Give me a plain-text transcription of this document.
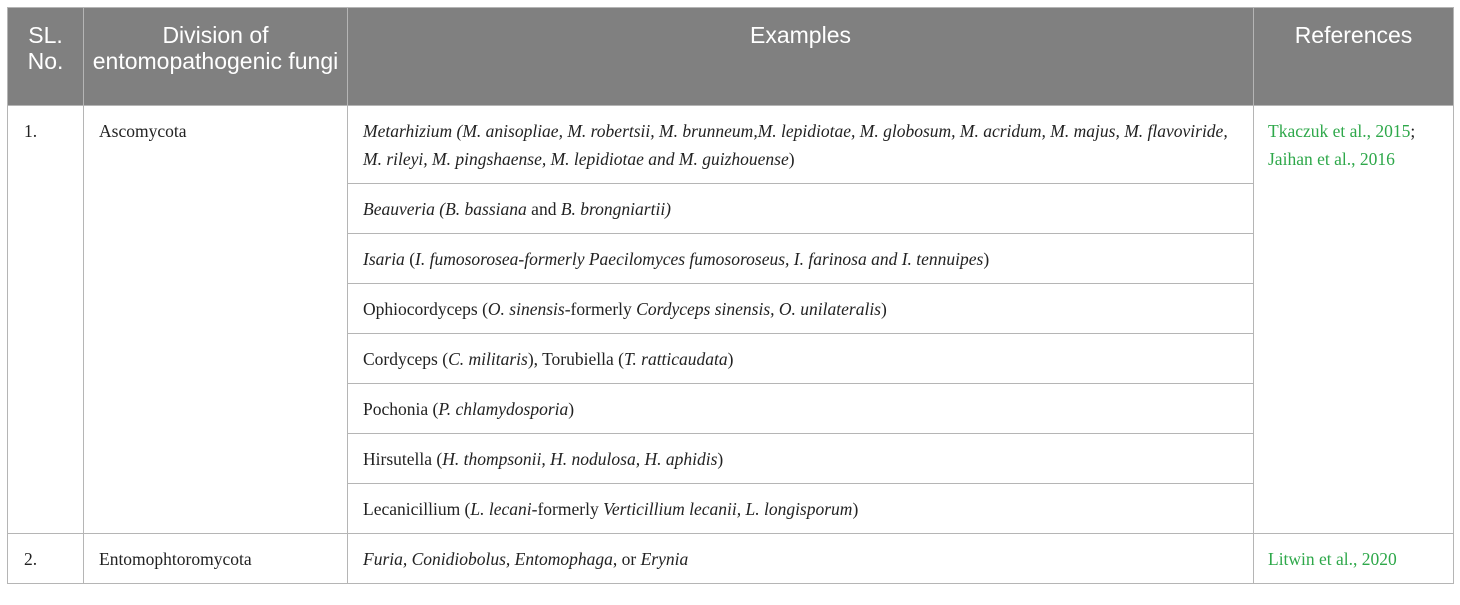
SL. No.	Division of entomopathogenic fungi	Examples	References
1.	Ascomycota	Metarhizium (M. anisopliae, M. robertsii, M. brunneum,M. lepidiotae, M. globosum, M. acridum, M. majus, M. flavoviride, M. rileyi, M. pingshaense, M. lepidiotae and M. guizhouense)	Tkaczuk et al., 2015; Jaihan et al., 2016
		Beauveria (B. bassiana and B. brongniartii)	
		Isaria (I. fumosorosea-formerly Paecilomyces fumosoroseus, I. farinosa and I. tennuipes)	
		Ophiocordyceps (O. sinensis-formerly Cordyceps sinensis, O. unilateralis)	
		Cordyceps (C. militaris), Torubiella (T. ratticaudata)	
		Pochonia (P. chlamydosporia)	
		Hirsutella (H. thompsonii, H. nodulosa, H. aphidis)	
		Lecanicillium (L. lecani-formerly Verticillium lecanii, L. longisporum)	
2.	Entomophtoromycota	Furia, Conidiobolus, Entomophaga, or Erynia	Litwin et al., 2020
